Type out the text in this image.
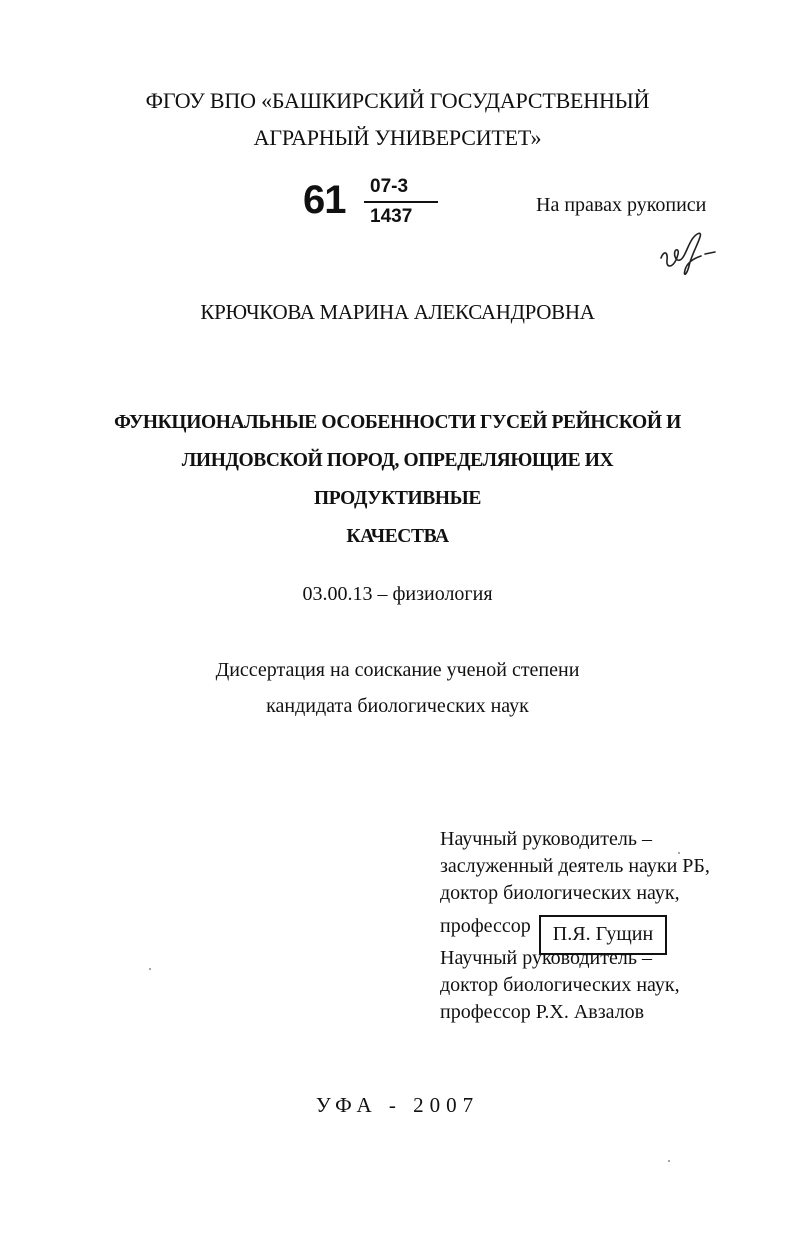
ФГОУ ВПО «БАШКИРСКИЙ ГОСУДАРСТВЕННЫЙ
АГРАРНЫЙ УНИВЕРСИТЕТ»
61 07-3
1437
На правах рукописи
КРЮЧКОВА МАРИНА АЛЕКСАНДРОВНА
ФУНКЦИОНАЛЬНЫЕ ОСОБЕННОСТИ ГУСЕЙ РЕЙНСКОЙ И
ЛИНДОВСКОЙ ПОРОД, ОПРЕДЕЛЯЮЩИЕ ИХ ПРОДУКТИВНЫЕ
КАЧЕСТВА
03.00.13 – физиология
Диссертация на соискание ученой степени
кандидата биологических наук
Научный руководитель –
заслуженный деятель науки РБ,
доктор биологических наук,
профессор П.Я. Гущин
Научный руководитель –
доктор биологических наук,
профессор Р.Х. Авзалов
УФА - 2007
